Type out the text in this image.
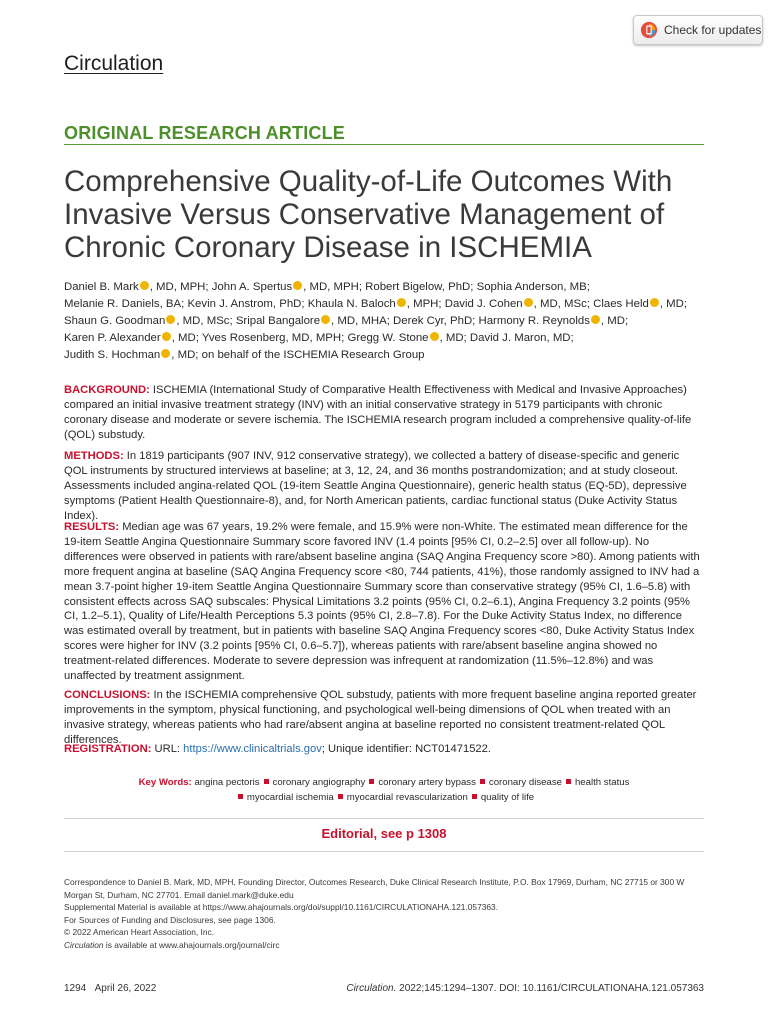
Check for updates
Circulation
ORIGINAL RESEARCH ARTICLE
Comprehensive Quality-of-Life Outcomes With Invasive Versus Conservative Management of Chronic Coronary Disease in ISCHEMIA
Daniel B. Mark , MD, MPH; John A. Spertus , MD, MPH; Robert Bigelow, PhD; Sophia Anderson, MB;
Melanie R. Daniels, BA; Kevin J. Anstrom, PhD; Khaula N. Baloch , MPH; David J. Cohen , MD, MSc; Claes Held , MD;
Shaun G. Goodman , MD, MSc; Sripal Bangalore , MD, MHA; Derek Cyr, PhD; Harmony R. Reynolds , MD;
Karen P. Alexander , MD; Yves Rosenberg, MD, MPH; Gregg W. Stone , MD; David J. Maron, MD;
Judith S. Hochman , MD; on behalf of the ISCHEMIA Research Group
BACKGROUND: ISCHEMIA (International Study of Comparative Health Effectiveness with Medical and Invasive Approaches) compared an initial invasive treatment strategy (INV) with an initial conservative strategy in 5179 participants with chronic coronary disease and moderate or severe ischemia. The ISCHEMIA research program included a comprehensive quality-of-life (QOL) substudy.
METHODS: In 1819 participants (907 INV, 912 conservative strategy), we collected a battery of disease-specific and generic QOL instruments by structured interviews at baseline; at 3, 12, 24, and 36 months postrandomization; and at study closeout. Assessments included angina-related QOL (19-item Seattle Angina Questionnaire), generic health status (EQ-5D), depressive symptoms (Patient Health Questionnaire-8), and, for North American patients, cardiac functional status (Duke Activity Status Index).
RESULTS: Median age was 67 years, 19.2% were female, and 15.9% were non-White. The estimated mean difference for the 19-item Seattle Angina Questionnaire Summary score favored INV (1.4 points [95% CI, 0.2–2.5] over all follow-up). No differences were observed in patients with rare/absent baseline angina (SAQ Angina Frequency score >80). Among patients with more frequent angina at baseline (SAQ Angina Frequency score <80, 744 patients, 41%), those randomly assigned to INV had a mean 3.7-point higher 19-item Seattle Angina Questionnaire Summary score than conservative strategy (95% CI, 1.6–5.8) with consistent effects across SAQ subscales: Physical Limitations 3.2 points (95% CI, 0.2–6.1), Angina Frequency 3.2 points (95% CI, 1.2–5.1), Quality of Life/Health Perceptions 5.3 points (95% CI, 2.8–7.8). For the Duke Activity Status Index, no difference was estimated overall by treatment, but in patients with baseline SAQ Angina Frequency scores <80, Duke Activity Status Index scores were higher for INV (3.2 points [95% CI, 0.6–5.7]), whereas patients with rare/absent baseline angina showed no treatment-related differences. Moderate to severe depression was infrequent at randomization (11.5%–12.8%) and was unaffected by treatment assignment.
CONCLUSIONS: In the ISCHEMIA comprehensive QOL substudy, patients with more frequent baseline angina reported greater improvements in the symptom, physical functioning, and psychological well-being dimensions of QOL when treated with an invasive strategy, whereas patients who had rare/absent angina at baseline reported no consistent treatment-related QOL differences.
REGISTRATION: URL: https://www.clinicaltrials.gov; Unique identifier: NCT01471522.
Key Words: angina pectoris coronary angiography coronary artery bypass coronary disease health status
myocardial ischemia myocardial revascularization quality of life
Editorial, see p 1308
Correspondence to Daniel B. Mark, MD, MPH, Founding Director, Outcomes Research, Duke Clinical Research Institute, P.O. Box 17969, Durham, NC 27715 or 300 W Morgan St, Durham, NC 27701. Email daniel.mark@duke.edu
Supplemental Material is available at https://www.ahajournals.org/doi/suppl/10.1161/CIRCULATIONAHA.121.057363.
For Sources of Funding and Disclosures, see page 1306.
© 2022 American Heart Association, Inc.
Circulation is available at www.ahajournals.org/journal/circ
1294 April 26, 2022	Circulation. 2022;145:1294–1307. DOI: 10.1161/CIRCULATIONAHA.121.057363
